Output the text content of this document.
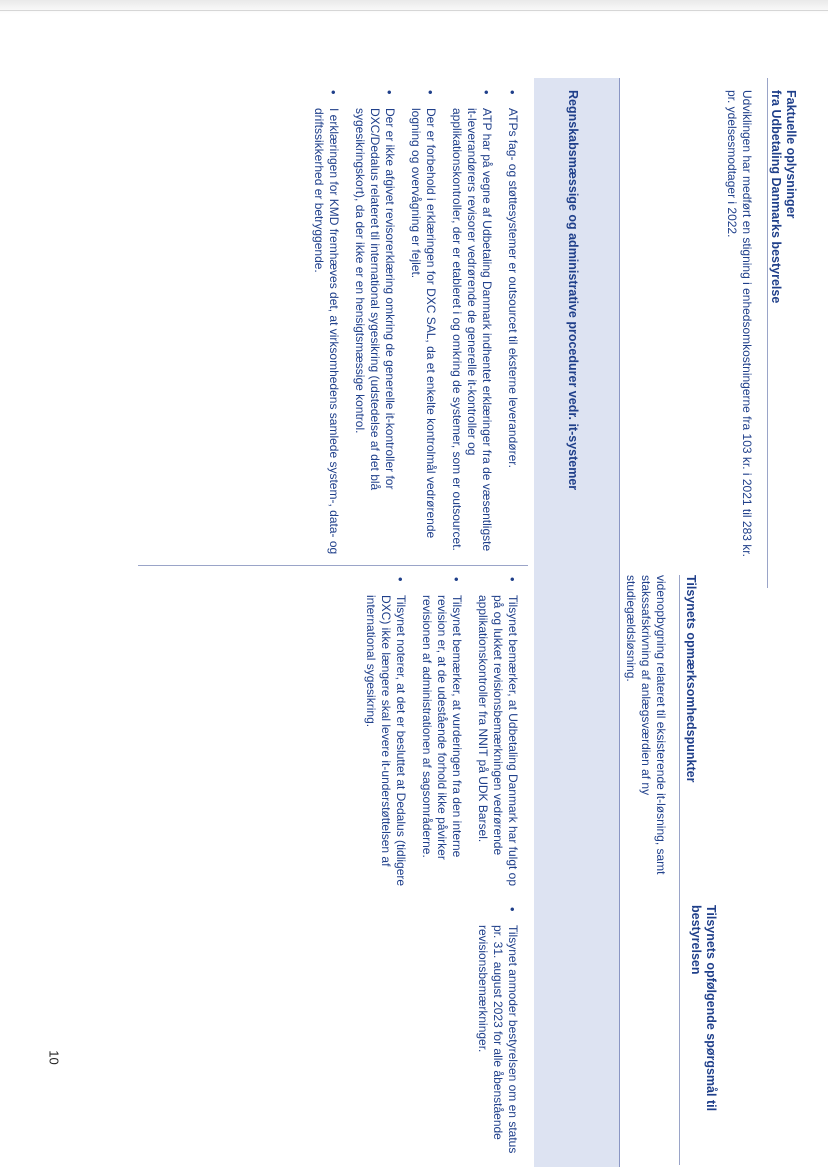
Faktuelle oplysninger
fra Udbetaling Danmarks bestyrelse
Tilsynets opmærksomhedspunkter
Tilsynets opfølgende spørgsmål til
bestyrelsen

Udviklingen har medført en stigning i enhedsomkostningerne fra 103 kr. i 2021 til 283 kr. pr. ydelsesmodtager i 2022.

videnopbygning relateret til eksisterende it-løsning, samt stakssafskrivning af anlægsværdien af ny studiegældsløsning.

Regnskabsmæssige og administrative procedurer vedr. it-systemer
• ATPs fag- og støttesystemer er outsourcet til eksterne leverandører.
• ATP har på vegne af Udbetaling Danmark indhentet erklæringer fra de væsentligste it-leverandørers revisorer vedrørende de generelle it-kontroller og applikationskontroller, der er etableret i og omkring de systemer, som er outsourcet.
• Der er forbehold i erklæringen for DXC SAL, da et enkelte kontrolmål vedrørende logning og overvågning er fejlet.
• Der er ikke afgivet revisorerklæring omkring de generelle it-kontroller for DXC/Dedalus relateret til international sygesikring (udstedelse af det blå sygesikringskort), da der ikke er en hensigtsmæssige kontrol.
• I erklæringen for KMD fremhæves det, at virksomhedens samlede system-, data- og driftssikkerhed er betryggende.
• Tilsynet bemærker, at Udbetaling Danmark har fulgt op på og lukket revisionsbemærkningen vedrørende applikationskontroller fra NNIT på UDK Barsel.
• Tilsynet bemærker, at vurderingen fra den interne revision er, at de udestående forhold ikke påvirker revisionen af administrationen af sagsområderne.
• Tilsynet noterer, at det er besluttet at Dedalus (tidligere DXC) ikke længere skal levere it-understøttelsen af international sygesikring.
• Tilsynet anmoder bestyrelsen om en status pr. 31. august 2023 for alle åbenstående revisionsbemærkninger.
10
